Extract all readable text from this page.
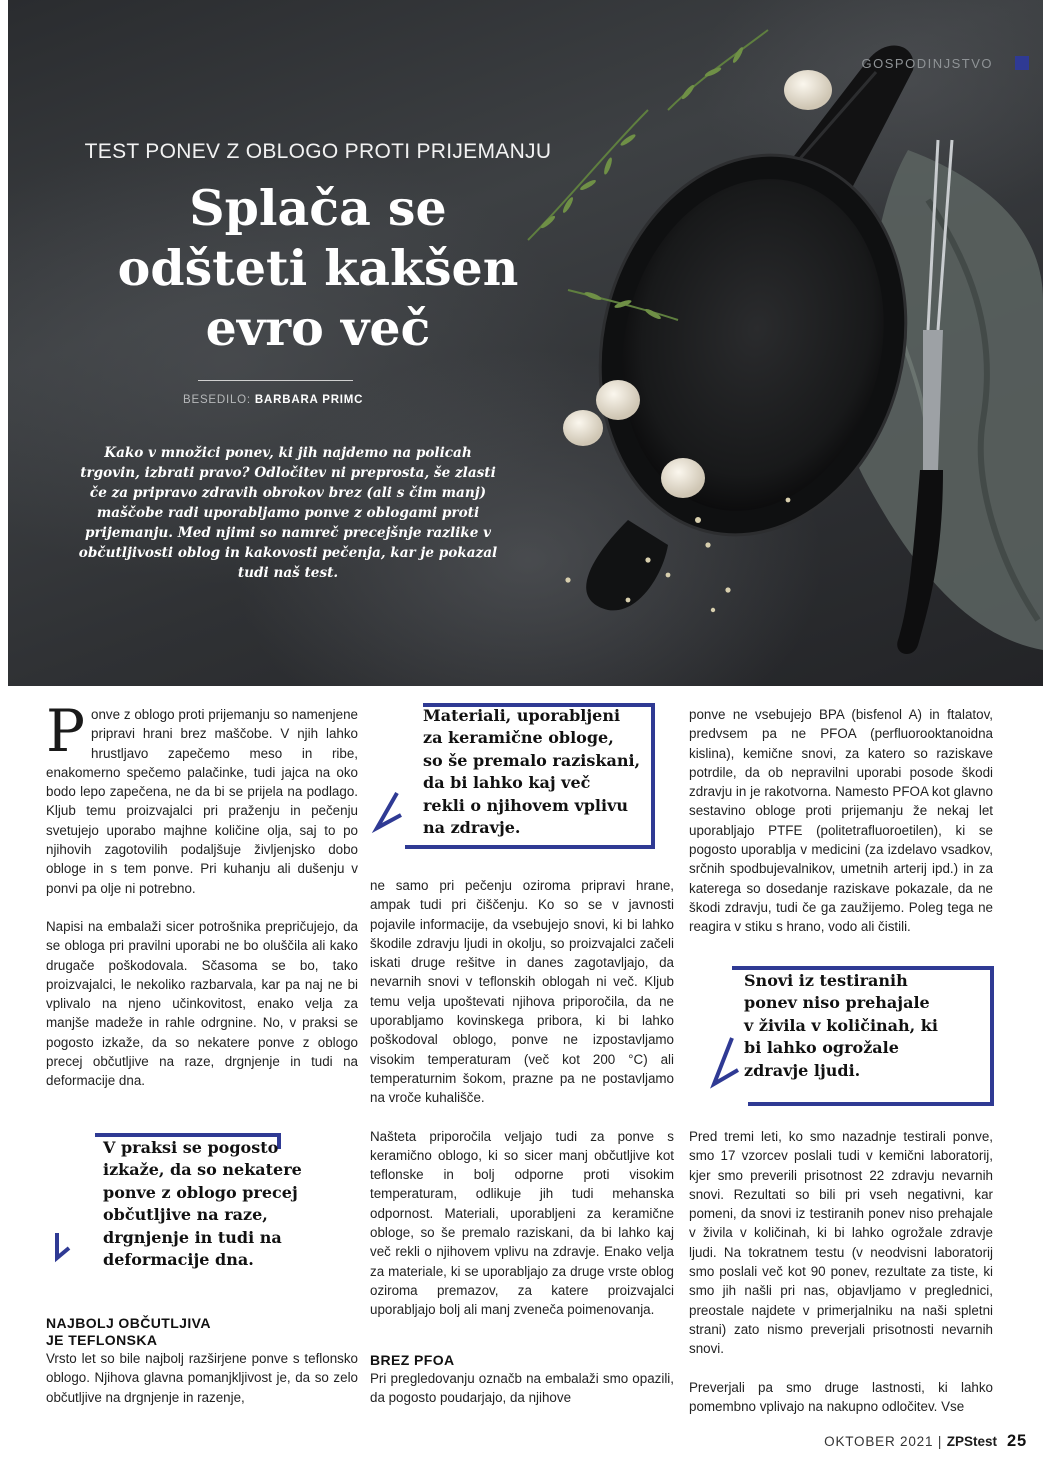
GOSPODINJSTVO
TEST PONEV Z OBLOGO PROTI PRIJEMANJU
Splača se
odšteti kakšen
evro več
BESEDILO: BARBARA PRIMC

Kako v množici ponev, ki jih najdemo na policah trgovin, izbrati pravo? Odločitev ni preprosta, še zlasti če za pripravo zdravih obrokov brez (ali s čim manj) maščobe radi uporabljamo ponve z oblogami proti prijemanju. Med njimi so namreč precejšnje razlike v občutljivosti oblog in kakovosti pečenja, kar je pokazal tudi naš test.

Ponve z oblogo proti prijemanju so namenjene pripravi hrani brez maščobe. V njih lahko hrustljavo zapečemo meso in ribe, enakomerno spečemo palačinke, tudi jajca na oko bodo lepo zapečena, ne da bi se prijela na podlago. Kljub temu proizvajalci pri praženju in pečenju svetujejo uporabo majhne količine olja, saj to po njihovih zagotovilih podaljšuje življenjsko dobo obloge in s tem ponve. Pri kuhanju ali dušenju v ponvi pa olje ni potrebno.

Napisi na embalaži sicer potrošnika prepričujejo, da se obloga pri pravilni uporabi ne bo oluščila ali kako drugače poškodovala. Sčasoma se bo, tako proizvajalci, le nekoliko razbarvala, kar pa naj ne bi vplivalo na njeno učinkovitost, enako velja za manjše madeže in rahle odrgnine. No, v praksi se pogosto izkaže, da so nekatere ponve z oblogo precej občutljive na raze, drgnjenje in tudi na deformacije dna.

V praksi se pogosto
izkaže, da so nekatere
ponve z oblogo precej
občutljive na raze,
drgnjenje in tudi na
deformacije dna.
NAJBOLJ OBČUTLJIVA
JE TEFLONSKA

Vrsto let so bile najbolj razširjene ponve s teflonsko oblogo. Njihova glavna pomanjkljivost je, da so zelo občutljive na drgnjenje in razenje,

Materiali, uporabljeni
za keramične obloge,
so še premalo raziskani,
da bi lahko kaj več
rekli o njihovem vplivu
na zdravje.

ne samo pri pečenju oziroma pripravi hrane, ampak tudi pri čiščenju. Ko so se v javnosti pojavile informacije, da vsebujejo snovi, ki bi lahko škodile zdravju ljudi in okolju, so proizvajalci začeli iskati druge rešitve in danes zagotavljajo, da nevarnih snovi v teflonskih oblogah ni več. Kljub temu velja upoštevati njihova priporočila, da ne uporabljamo kovinskega pribora, ki bi lahko poškodoval oblogo, ponve ne izpostavljamo visokim temperaturam (več kot 200 °C) ali temperaturnim šokom, prazne pa ne postavljamo na vroče kuhališče.

Našteta priporočila veljajo tudi za ponve s keramično oblogo, ki so sicer manj občutljive kot teflonske in bolj odporne proti visokim temperaturam, odlikuje jih tudi mehanska odpornost. Materiali, uporabljeni za keramične obloge, so še premalo raziskani, da bi lahko kaj več rekli o njihovem vplivu na zdravje. Enako velja za materiale, ki se uporabljajo za druge vrste oblog oziroma premazov, za katere proizvajalci uporabljajo bolj ali manj zveneča poimenovanja.

BREZ PFOA

Pri pregledovanju označb na embalaži smo opazili, da pogosto poudarjajo, da njihove

ponve ne vsebujejo BPA (bisfenol A) in ftalatov, predvsem pa ne PFOA (perfluorooktanoidna kislina), kemične snovi, za katero so raziskave potrdile, da ob nepravilni uporabi posode škodi zdravju in je rakotvorna. Namesto PFOA kot glavno sestavino obloge proti prijemanju že nekaj let uporabljajo PTFE (politetrafluoroetilen), ki se pogosto uporablja v medicini (za izdelavo vsadkov, srčnih spodbujevalnikov, umetnih arterij ipd.) in za katerega so dosedanje raziskave pokazale, da ne škodi zdravju, tudi če ga zaužijemo. Poleg tega ne reagira v stiku s hrano, vodo ali čistili.

Snovi iz testiranih
ponev niso prehajale
v živila v količinah, ki
bi lahko ogrožale
zdravje ljudi.

Pred tremi leti, ko smo nazadnje testirali ponve, smo 17 vzorcev poslali tudi v kemični laboratorij, kjer smo preverili prisotnost 22 zdravju nevarnih snovi. Rezultati so bili pri vseh negativni, kar pomeni, da snovi iz testiranih ponev niso prehajale v živila v količinah, ki bi lahko ogrožale zdravje ljudi. Na tokratnem testu (v neodvisni laboratorij smo poslali več kot 90 ponev, rezultate za tiste, ki smo jih našli pri nas, objavljamo v preglednici, preostale najdete v primerjalniku na naši spletni strani) zato nismo preverjali prisotnosti nevarnih snovi.

Preverjali pa smo druge lastnosti, ki lahko pomembno vplivajo na nakupno odločitev. Vse

OKTOBER 2021 | ZPStest 25
